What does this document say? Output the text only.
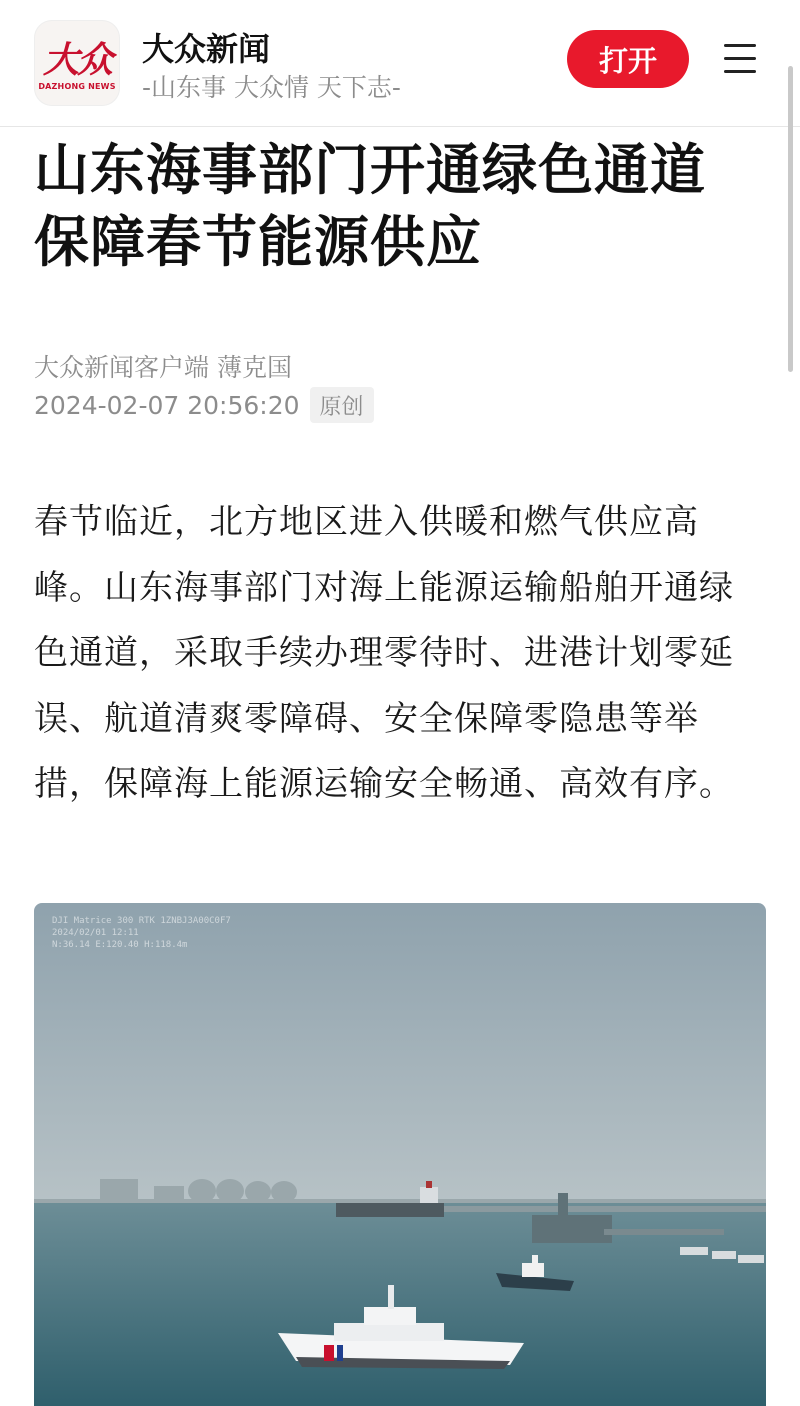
大众
DAZHONG NEWS
大众新闻
-山东事 大众情 天下志-
打开
山东海事部门开通绿色通道保障春节能源供应
大众新闻客户端 薄克国
2024-02-07 20:56:20 原创
春节临近，北方地区进入供暖和燃气供应高峰。山东海事部门对海上能源运输船舶开通绿色通道，采取手续办理零待时、进港计划零延误、航道清爽零障碍、安全保障零隐患等举措，保障海上能源运输安全畅通、高效有序。
DJI Matrice 300 RTK 1ZNBJ3A00C0F7
2024/02/01 12:11
N:36.14 E:120.40 H:118.4m
